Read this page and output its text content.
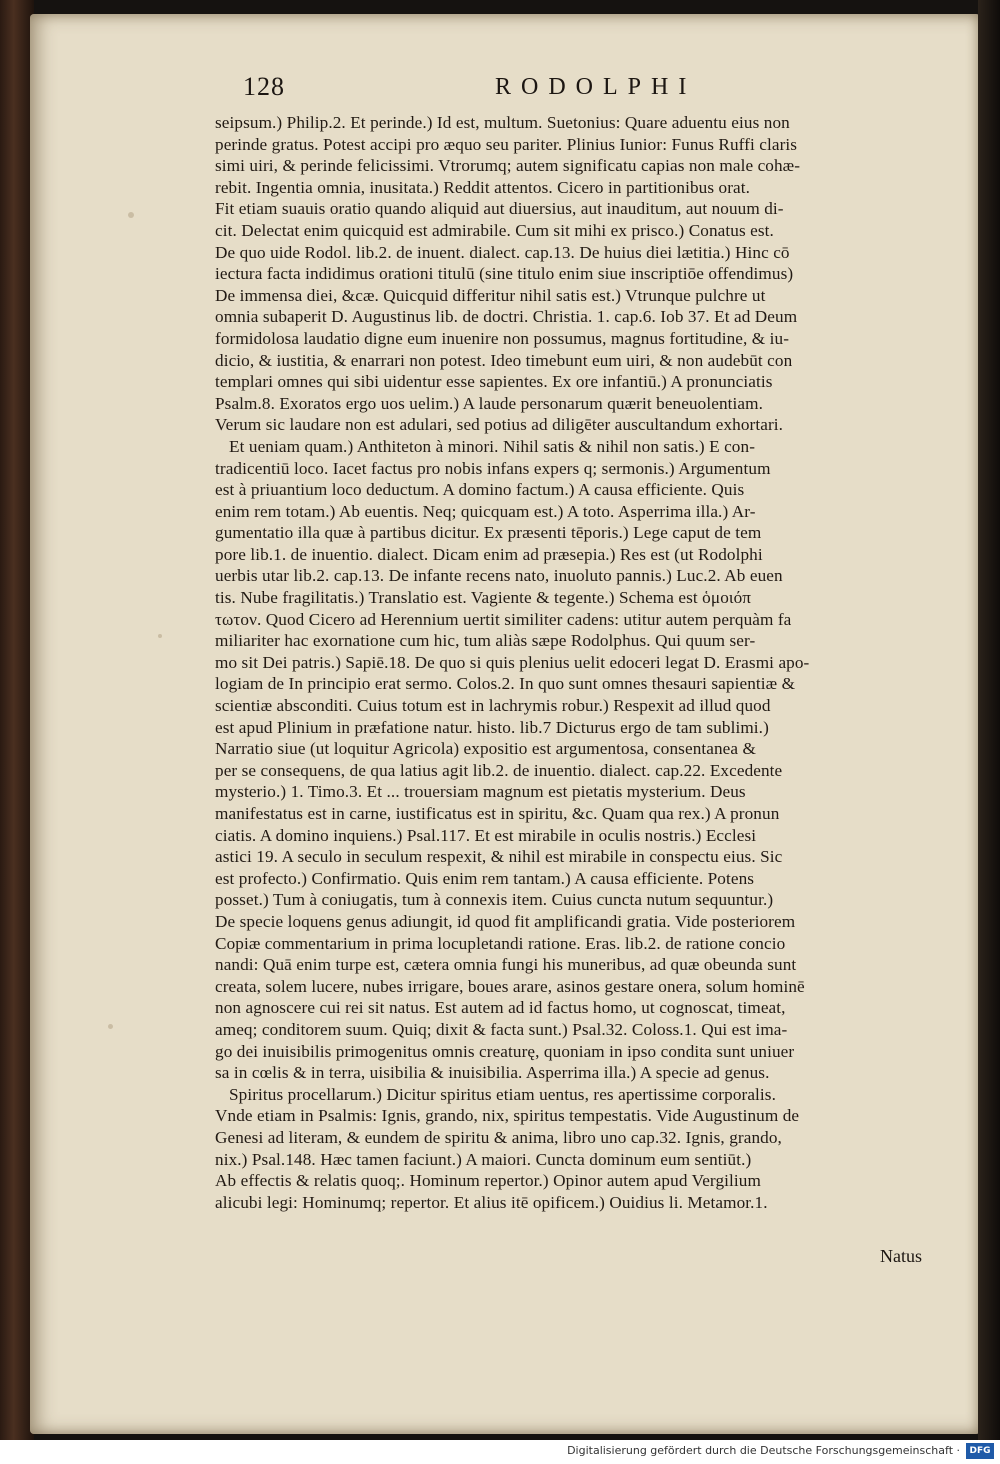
128	RODOLPHI
seipsum.) Philip.2. Et perinde.) Id est, multum. Suetonius: Quare aduentu eius non
perinde gratus. Potest accipi pro æquo seu pariter. Plinius Iunior: Funus Ruffi claris
simi uiri, & perinde felicissimi. Vtrorumq; autem significatu capias non male cohæ-
rebit. Ingentia omnia, inusitata.) Reddit attentos. Cicero in partitionibus orat.
Fit etiam suauis oratio quando aliquid aut diuersius, aut inauditum, aut nouum di-
cit. Delectat enim quicquid est admirabile. Cum sit mihi ex prisco.) Conatus est.
De quo uide Rodol. lib.2. de inuent. dialect. cap.13. De huius diei lætitia.) Hinc cō
iectura facta indidimus orationi titulū (sine titulo enim siue inscriptiōe offendimus)
De immensa diei, &cæ. Quicquid differitur nihil satis est.) Vtrunque pulchre ut
omnia subaperit D. Augustinus lib. de doctri. Christia. 1. cap.6. Iob 37. Et ad Deum
formidolosa laudatio digne eum inuenire non possumus, magnus fortitudine, & iu-
dicio, & iustitia, & enarrari non potest. Ideo timebunt eum uiri, & non audebūt con
templari omnes qui sibi uidentur esse sapientes. Ex ore infantiū.) A pronunciatis
Psalm.8. Exoratos ergo uos uelim.) A laude personarum quærit beneuolentiam.
Verum sic laudare non est adulari, sed potius ad diligēter auscultandum exhortari.
Et ueniam quam.) Anthiteton à minori. Nihil satis & nihil non satis.) E con-
tradicentiū loco. Iacet factus pro nobis infans expers q; sermonis.) Argumentum
est à priuantium loco deductum. A domino factum.) A causa efficiente. Quis
enim rem totam.) Ab euentis. Neq; quicquam est.) A toto. Asperrima illa.) Ar-
gumentatio illa quæ à partibus dicitur. Ex præsenti tēporis.) Lege caput de tem
pore lib.1. de inuentio. dialect. Dicam enim ad præsepia.) Res est (ut Rodolphi
uerbis utar lib.2. cap.13. De infante recens nato, inuoluto pannis.) Luc.2. Ab euen
tis. Nube fragilitatis.) Translatio est. Vagiente & tegente.) Schema est ὁμοιόπ
τωτον. Quod Cicero ad Herennium uertit similiter cadens: utitur autem perquàm fa
miliariter hac exornatione cum hic, tum aliàs sæpe Rodolphus. Qui quum ser-
mo sit Dei patris.) Sapiē.18. De quo si quis plenius uelit edoceri legat D. Erasmi apo-
logiam de In principio erat sermo. Colos.2. In quo sunt omnes thesauri sapientiæ &
scientiæ absconditi. Cuius totum est in lachrymis robur.) Respexit ad illud quod
est apud Plinium in præfatione natur. histo. lib.7 Dicturus ergo de tam sublimi.)
Narratio siue (ut loquitur Agricola) expositio est argumentosa, consentanea &
per se consequens, de qua latius agit lib.2. de inuentio. dialect. cap.22. Excedente
mysterio.) 1. Timo.3. Et ... trouersiam magnum est pietatis mysterium. Deus
manifestatus est in carne, iustificatus est in spiritu, &c. Quam qua rex.) A pronun
ciatis. A domino inquiens.) Psal.117. Et est mirabile in oculis nostris.) Ecclesi
astici 19. A seculo in seculum respexit, & nihil est mirabile in conspectu eius. Sic
est profecto.) Confirmatio. Quis enim rem tantam.) A causa efficiente. Potens
posset.) Tum à coniugatis, tum à connexis item. Cuius cuncta nutum sequuntur.)
De specie loquens genus adiungit, id quod fit amplificandi gratia. Vide posteriorem
Copiæ commentarium in prima locupletandi ratione. Eras. lib.2. de ratione concio
nandi: Quā enim turpe est, cætera omnia fungi his muneribus, ad quæ obeunda sunt
creata, solem lucere, nubes irrigare, boues arare, asinos gestare onera, solum hominē
non agnoscere cui rei sit natus. Est autem ad id factus homo, ut cognoscat, timeat,
ameq; conditorem suum. Quiq; dixit & facta sunt.) Psal.32. Coloss.1. Qui est ima-
go dei inuisibilis primogenitus omnis creaturę, quoniam in ipso condita sunt uniuer
sa in cœlis & in terra, uisibilia & inuisibilia. Asperrima illa.) A specie ad genus.
Spiritus procellarum.) Dicitur spiritus etiam uentus, res apertissime corporalis.
Vnde etiam in Psalmis: Ignis, grando, nix, spiritus tempestatis. Vide Augustinum de
Genesi ad literam, & eundem de spiritu & anima, libro uno cap.32. Ignis, grando,
nix.) Psal.148. Hæc tamen faciunt.) A maiori. Cuncta dominum eum sentiūt.)
Ab effectis & relatis quoq;. Hominum repertor.) Opinor autem apud Vergilium
alicubi legi: Hominumq; repertor. Et alius itē opificem.) Ouidius li. Metamor.1.
Natus
Digitalisierung gefördert durch die Deutsche Forschungsgemeinschaft ·	DFG
